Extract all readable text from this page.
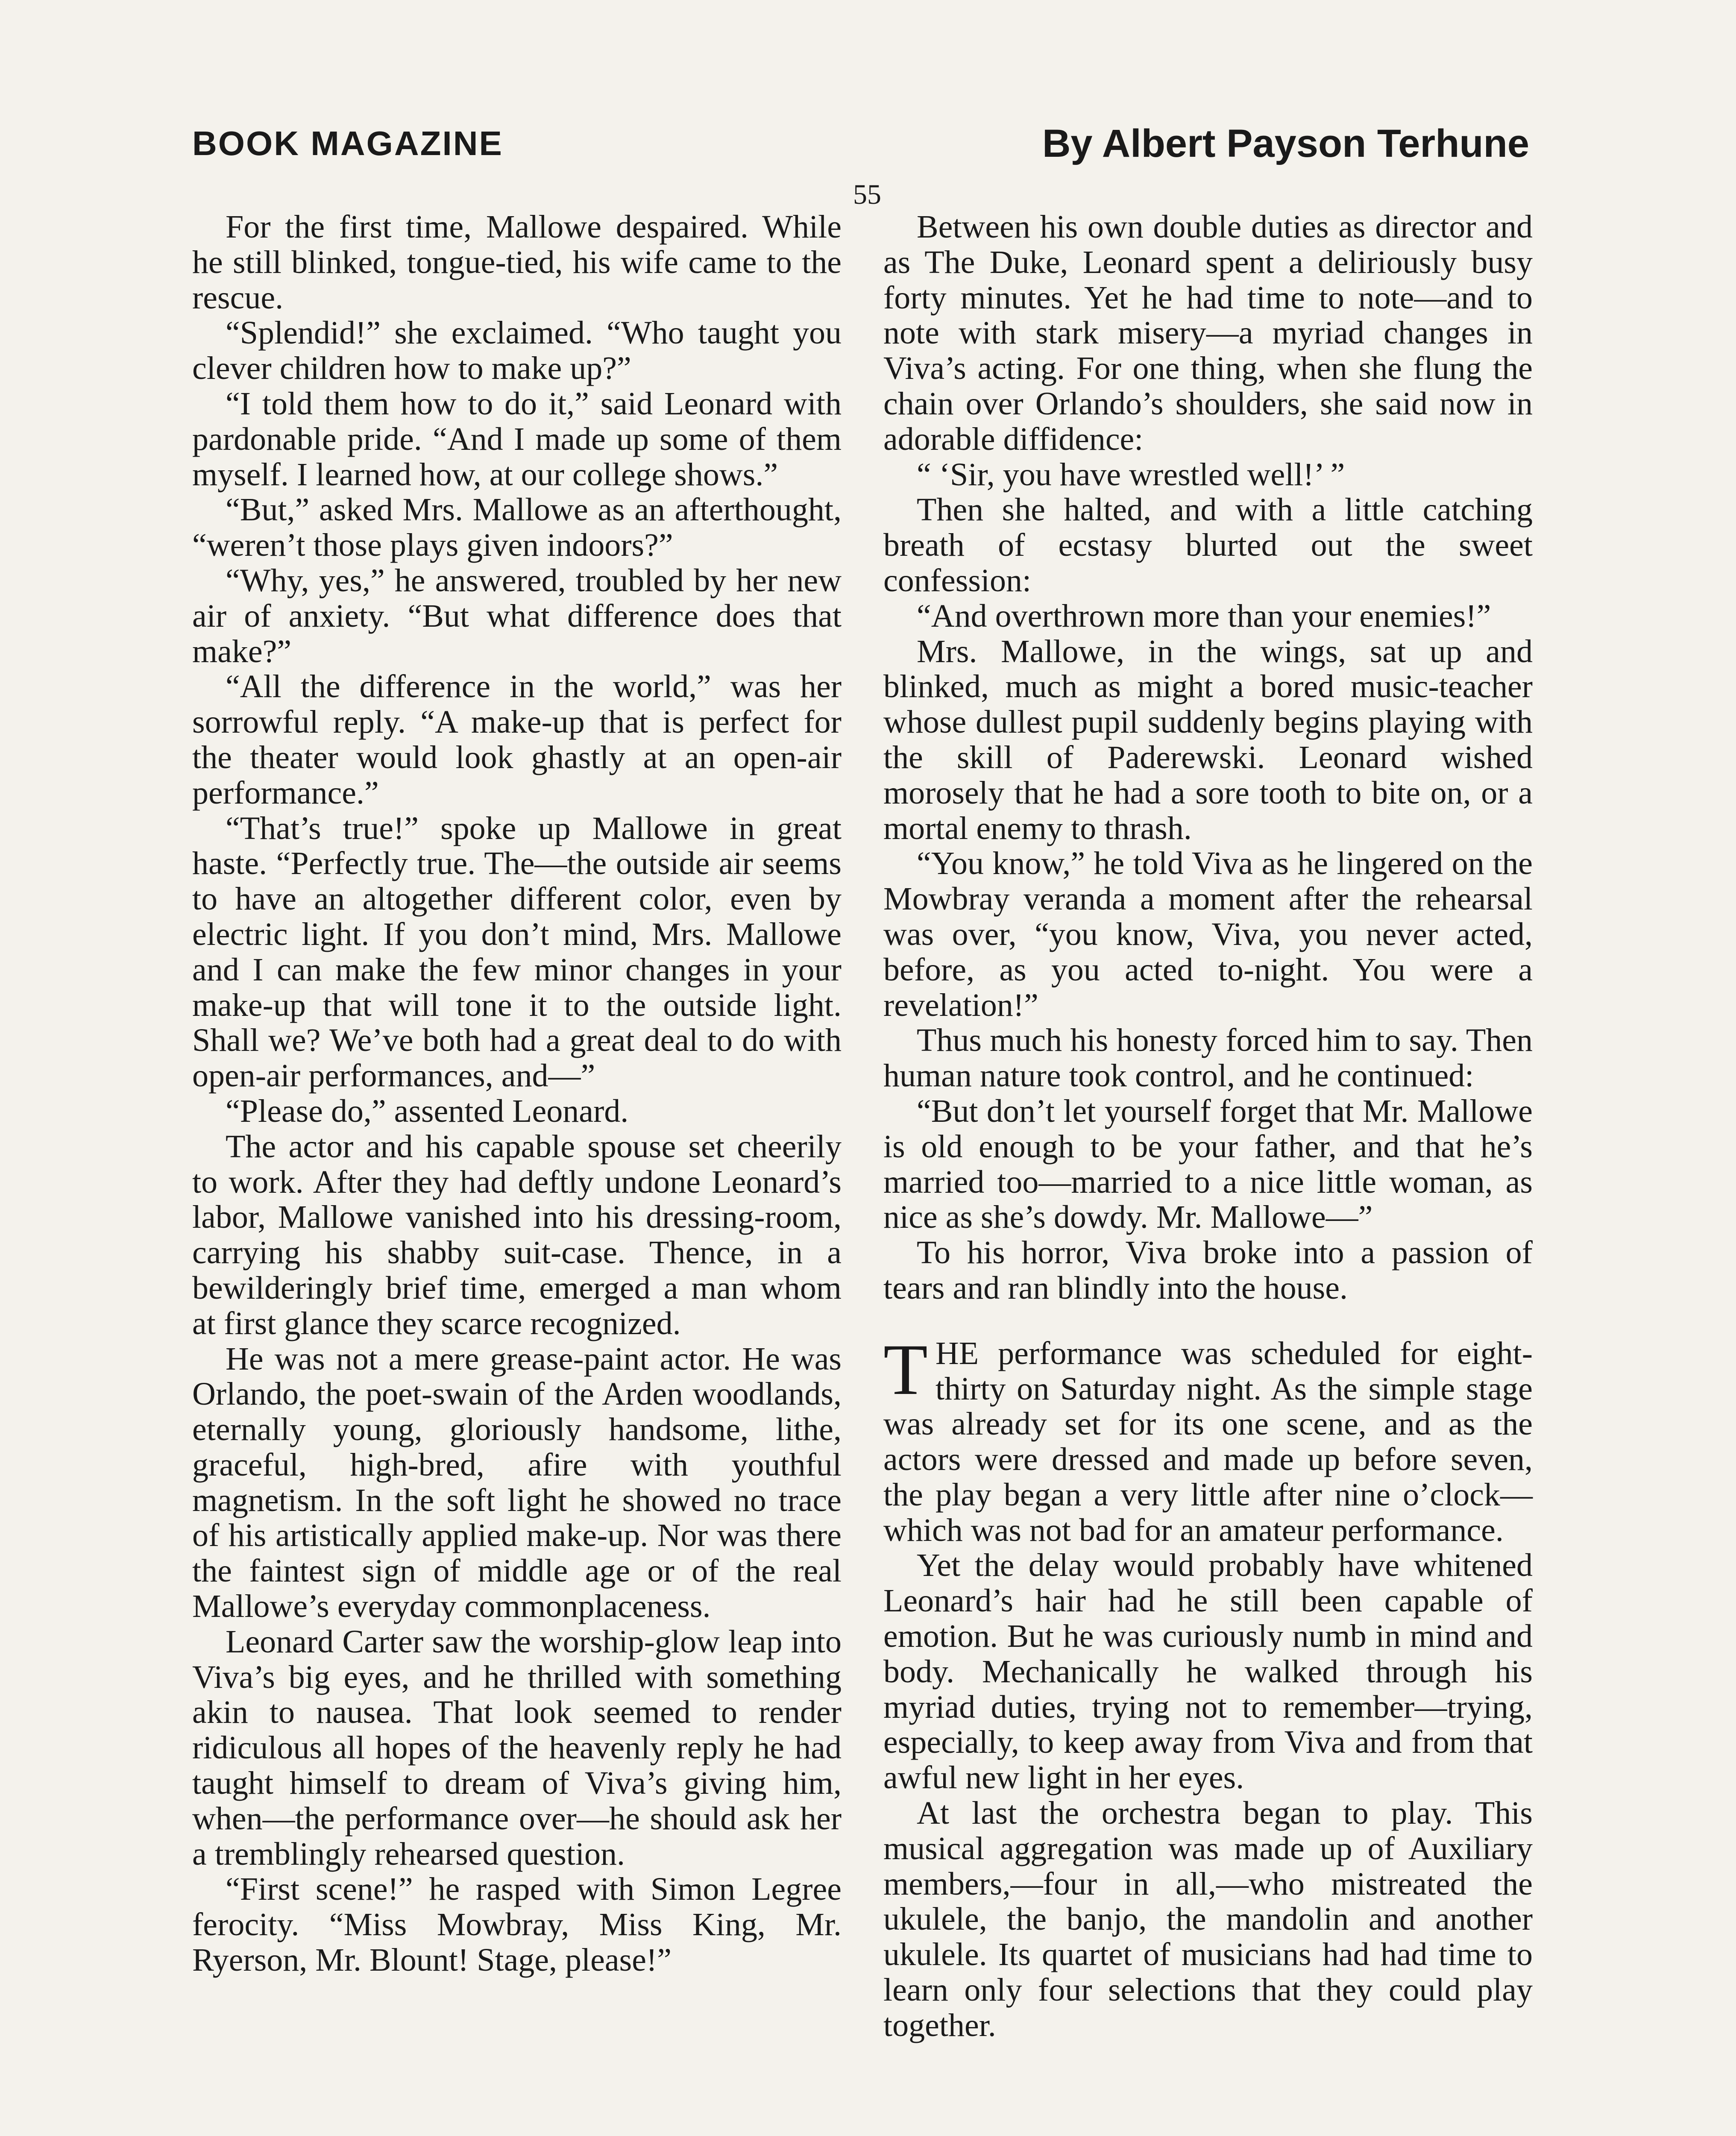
BOOK MAGAZINE	By Albert Payson Terhune
55

For the first time, Mallowe despaired. While he still blinked, tongue-tied, his wife came to the rescue.

“Splendid!” she exclaimed. “Who taught you clever children how to make up?”

“I told them how to do it,” said Leonard with pardonable pride. “And I made up some of them myself. I learned how, at our college shows.”

“But,” asked Mrs. Mallowe as an afterthought, “weren’t those plays given indoors?”

“Why, yes,” he answered, troubled by her new air of anxiety. “But what difference does that make?”

“All the difference in the world,” was her sorrowful reply. “A make-up that is perfect for the theater would look ghastly at an open-air performance.”

“That’s true!” spoke up Mallowe in great haste. “Perfectly true. The—the outside air seems to have an altogether different color, even by electric light. If you don’t mind, Mrs. Mallowe and I can make the few minor changes in your make-up that will tone it to the outside light. Shall we? We’ve both had a great deal to do with open-air performances, and—”

“Please do,” assented Leonard.

The actor and his capable spouse set cheerily to work. After they had deftly undone Leonard’s labor, Mallowe vanished into his dressing-room, carrying his shabby suit-case. Thence, in a bewilderingly brief time, emerged a man whom at first glance they scarce recognized.

He was not a mere grease-paint actor. He was Orlando, the poet-swain of the Arden woodlands, eternally young, gloriously handsome, lithe, graceful, high-bred, afire with youthful magnetism. In the soft light he showed no trace of his artistically applied make-up. Nor was there the faintest sign of middle age or of the real Mallowe’s everyday commonplaceness.

Leonard Carter saw the worship-glow leap into Viva’s big eyes, and he thrilled with something akin to nausea. That look seemed to render ridiculous all hopes of the heavenly reply he had taught himself to dream of Viva’s giving him, when—the performance over—he should ask her a tremblingly rehearsed question.

“First scene!” he rasped with Simon Legree ferocity. “Miss Mowbray, Miss King, Mr. Ryerson, Mr. Blount! Stage, please!”

Between his own double duties as director and as The Duke, Leonard spent a deliriously busy forty minutes. Yet he had time to note—and to note with stark misery—a myriad changes in Viva’s acting. For one thing, when she flung the chain over Orlando’s shoulders, she said now in adorable diffidence:

“ ‘Sir, you have wrestled well!’ ”

Then she halted, and with a little catching breath of ecstasy blurted out the sweet confession:

“And overthrown more than your enemies!”

Mrs. Mallowe, in the wings, sat up and blinked, much as might a bored music-teacher whose dullest pupil suddenly begins playing with the skill of Paderewski. Leonard wished morosely that he had a sore tooth to bite on, or a mortal enemy to thrash.

“You know,” he told Viva as he lingered on the Mowbray veranda a moment after the rehearsal was over, “you know, Viva, you never acted, before, as you acted to-night. You were a revelation!”

Thus much his honesty forced him to say. Then human nature took control, and he continued:

“But don’t let yourself forget that Mr. Mallowe is old enough to be your father, and that he’s married too—married to a nice little woman, as nice as she’s dowdy. Mr. Mallowe—”

To his horror, Viva broke into a passion of tears and ran blindly into the house.

THE performance was scheduled for eight-thirty on Saturday night. As the simple stage was already set for its one scene, and as the actors were dressed and made up before seven, the play began a very little after nine o’clock—which was not bad for an amateur performance.

Yet the delay would probably have whitened Leonard’s hair had he still been capable of emotion. But he was curiously numb in mind and body. Mechanically he walked through his myriad duties, trying not to remember—trying, especially, to keep away from Viva and from that awful new light in her eyes.

At last the orchestra began to play. This musical aggregation was made up of Auxiliary members,—four in all,—who mistreated the ukulele, the banjo, the mandolin and another ukulele. Its quartet of musicians had had time to learn only four selections that they could play together.
